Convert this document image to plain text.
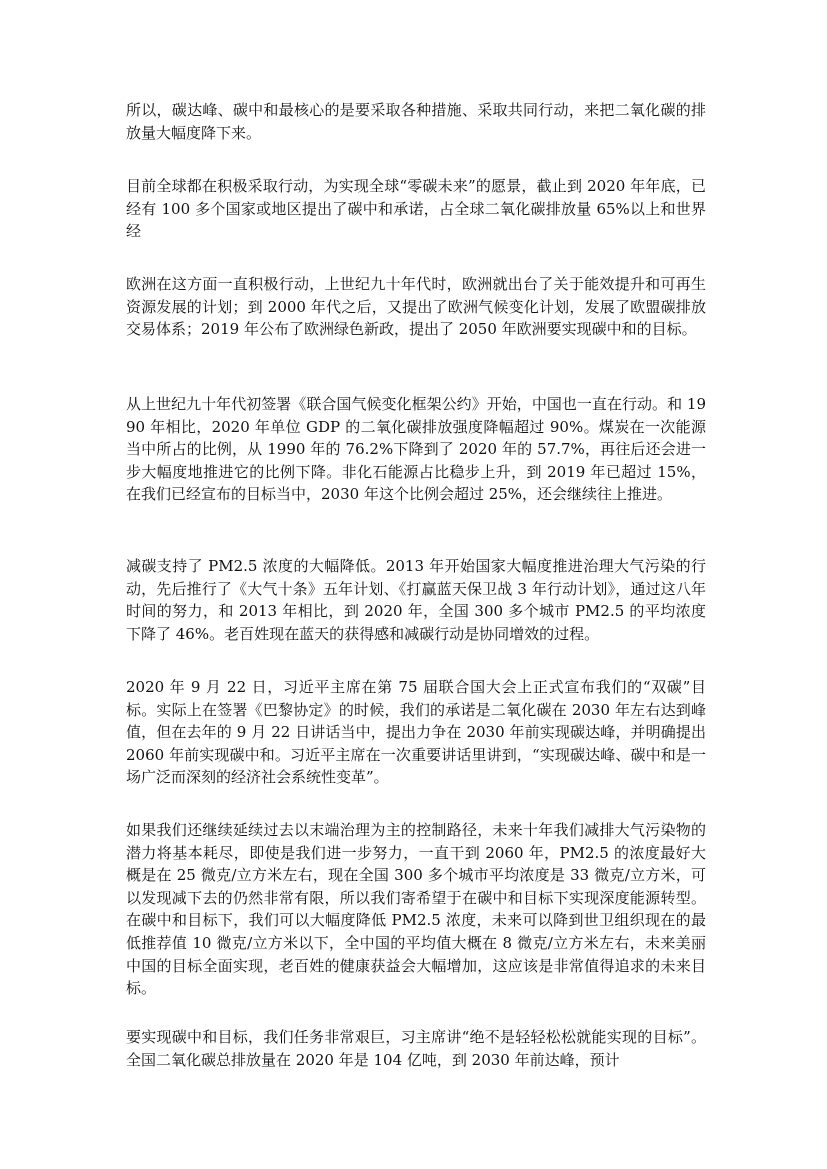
所以，碳达峰、碳中和最核心的是要采取各种措施、采取共同行动，来把二氧化碳的排放量大幅度降下来。

目前全球都在积极采取行动，为实现全球“零碳未来”的愿景，截止到 2020 年年底，已经有 100 多个国家或地区提出了碳中和承诺，占全球二氧化碳排放量 65%以上和世界经

欧洲在这方面一直积极行动，上世纪九十年代时，欧洲就出台了关于能效提升和可再生资源发展的计划；到 2000 年代之后，又提出了欧洲气候变化计划，发展了欧盟碳排放交易体系；2019 年公布了欧洲绿色新政，提出了 2050 年欧洲要实现碳中和的目标。

从上世纪九十年代初签署《联合国气候变化框架公约》开始，中国也一直在行动。和 1990 年相比，2020 年单位 GDP 的二氧化碳排放强度降幅超过 90%。煤炭在一次能源当中所占的比例，从 1990 年的 76.2%下降到了 2020 年的 57.7%，再往后还会进一步大幅度地推进它的比例下降。非化石能源占比稳步上升，到 2019 年已超过 15%，在我们已经宣布的目标当中，2030 年这个比例会超过 25%，还会继续往上推进。

减碳支持了 PM2.5 浓度的大幅降低。2013 年开始国家大幅度推进治理大气污染的行动，先后推行了《大气十条》五年计划、《打赢蓝天保卫战 3 年行动计划》，通过这八年时间的努力，和 2013 年相比，到 2020 年，全国 300 多个城市 PM2.5 的平均浓度下降了 46%。老百姓现在蓝天的获得感和减碳行动是协同增效的过程。

2020 年 9 月 22 日，习近平主席在第 75 届联合国大会上正式宣布我们的“双碳”目标。实际上在签署《巴黎协定》的时候，我们的承诺是二氧化碳在 2030 年左右达到峰值，但在去年的 9 月 22 日讲话当中，提出力争在 2030 年前实现碳达峰，并明确提出 2060 年前实现碳中和。习近平主席在一次重要讲话里讲到，“实现碳达峰、碳中和是一场广泛而深刻的经济社会系统性变革”。

如果我们还继续延续过去以末端治理为主的控制路径，未来十年我们减排大气污染物的潜力将基本耗尽，即使是我们进一步努力，一直干到 2060 年，PM2.5 的浓度最好大概是在 25 微克/立方米左右，现在全国 300 多个城市平均浓度是 33 微克/立方米，可以发现减下去的仍然非常有限，所以我们寄希望于在碳中和目标下实现深度能源转型。在碳中和目标下，我们可以大幅度降低 PM2.5 浓度，未来可以降到世卫组织现在的最低推荐值 10 微克/立方米以下，全中国的平均值大概在 8 微克/立方米左右，未来美丽中国的目标全面实现，老百姓的健康获益会大幅增加，这应该是非常值得追求的未来目标。

要实现碳中和目标，我们任务非常艰巨，习主席讲“绝不是轻轻松松就能实现的目标”。全国二氧化碳总排放量在 2020 年是 104 亿吨，到 2030 年前达峰，预计
